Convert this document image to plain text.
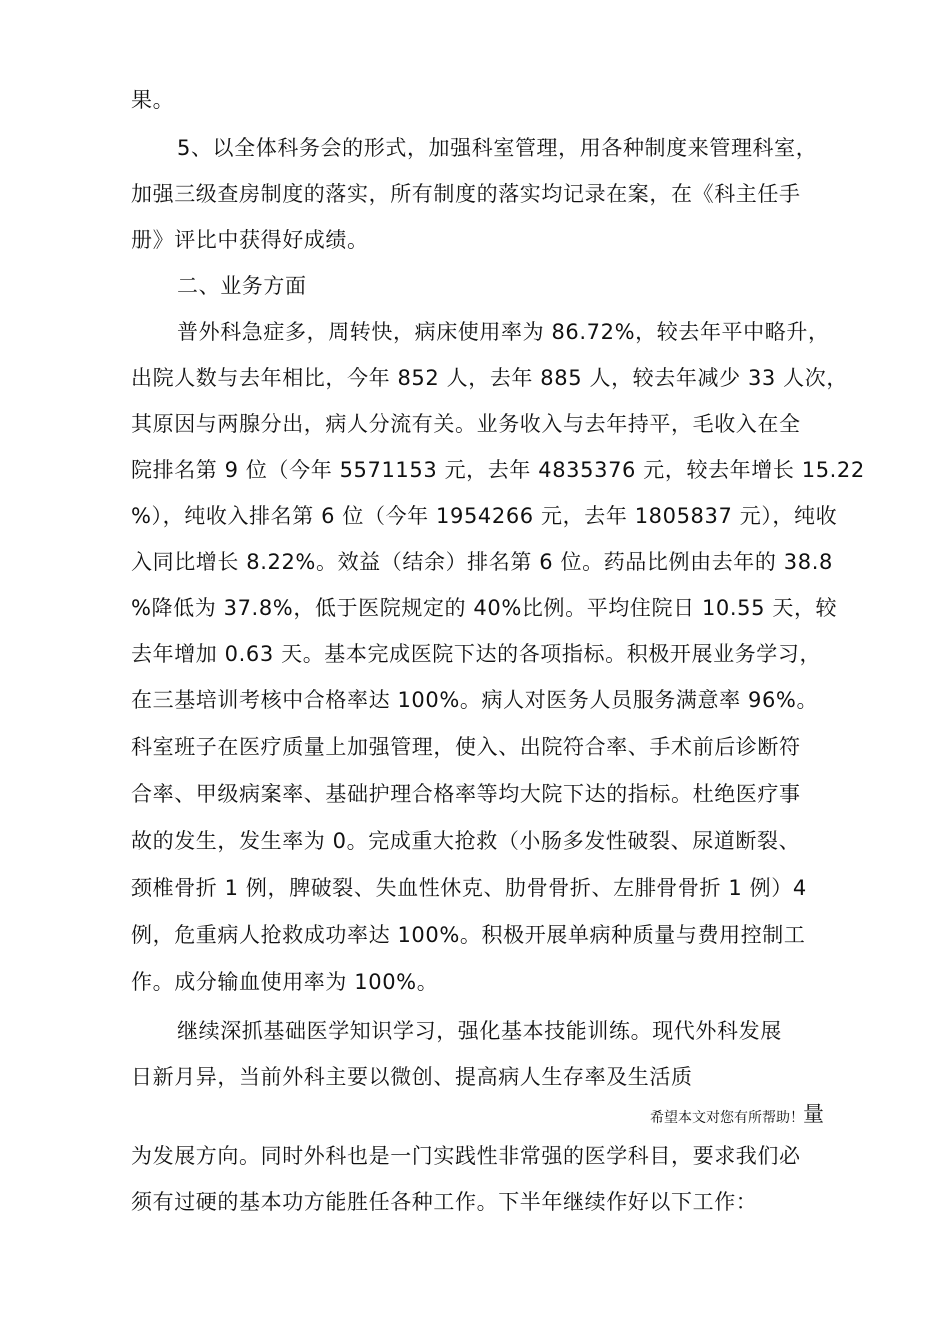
果。
5、以全体科务会的形式，加强科室管理，用各种制度来管理科室，
加强三级查房制度的落实，所有制度的落实均记录在案，在《科主任手
册》评比中获得好成绩。
二、业务方面
普外科急症多，周转快，病床使用率为 86.72%，较去年平中略升，
出院人数与去年相比，今年 852 人，去年 885 人，较去年减少 33 人次，
其原因与两腺分出，病人分流有关。业务收入与去年持平，毛收入在全
院排名第 9 位（今年 5571153 元，去年 4835376 元，较去年增长 15.22
%），纯收入排名第 6 位（今年 1954266 元，去年 1805837 元），纯收
入同比增长 8.22%。效益（结余）排名第 6 位。药品比例由去年的 38.8
%降低为 37.8%，低于医院规定的 40%比例。平均住院日 10.55 天，较
去年增加 0.63 天。基本完成医院下达的各项指标。积极开展业务学习，
在三基培训考核中合格率达 100%。病人对医务人员服务满意率 96%。
科室班子在医疗质量上加强管理，使入、出院符合率、手术前后诊断符
合率、甲级病案率、基础护理合格率等均大院下达的指标。杜绝医疗事
故的发生，发生率为 0。完成重大抢救（小肠多发性破裂、尿道断裂、
颈椎骨折 1 例，脾破裂、失血性休克、肋骨骨折、左腓骨骨折 1 例）4
例，危重病人抢救成功率达 100%。积极开展单病种质量与费用控制工
作。成分输血使用率为 100%。
继续深抓基础医学知识学习，强化基本技能训练。现代外科发展
日新月异，当前外科主要以微创、提高病人生存率及生活质
希望本文对您有所帮助！ 量
为发展方向。同时外科也是一门实践性非常强的医学科目，要求我们必
须有过硬的基本功方能胜任各种工作。下半年继续作好以下工作：
